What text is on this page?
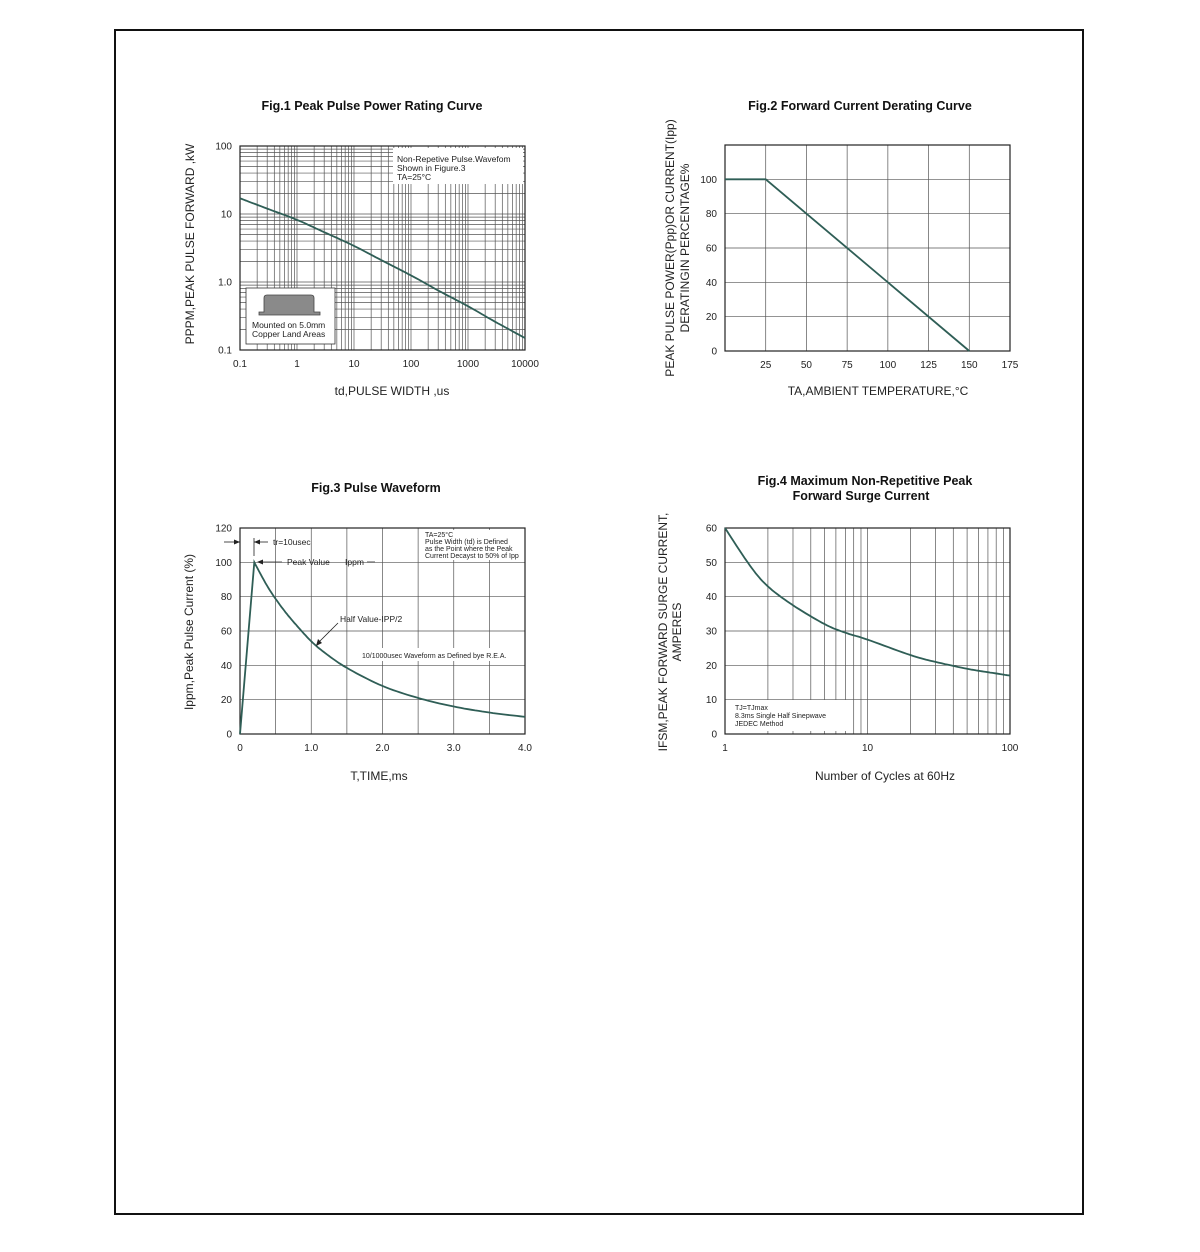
Fig.1 Peak Pulse Power Rating Curve
0.1	1	10	100	1000	10000
0.1
1.0
10
100
Non-Repetive Pulse.Wavefom
Shown in Figure.3
TA=25°C
Mounted on 5.0mm
Copper Land Areas
td,PULSE WIDTH ,us
PPPM,PEAK PULSE FORWARD ,kW
Fig.2 Forward Current Derating Curve
25	50	75	100 125 150 175
0
20
40
60
80
100
TA,AMBIENT TEMPERATURE,°C
PEAK PULSE POWER(Ppp)OR CURRENT(Ipp) DERATINGIN PERCENTAGE%
Fig.3 Pulse Waveform
0	1.0	2.0	3.0	4.0
0
20
40
60
80
100
120
tr=10usec
Peak Value Ippm
Half Value-IPP/2
10/1000usec Waveform as Defined bye R.E.A.
TA=25°C
Pulse Width (td) is Defined
as the Point where the Peak
Current Decayst to 50% of Ipp
T,TIME,ms
Ippm,Peak Pulse Current (%)
Fig.4 Maximum Non-Repetitive Peak
Forward Surge Current
1	10	100
0
10
20
30
40
50
60
TJ=TJmax
8.3ms Single Half Sinepwave
JEDEC Method
Number of Cycles at 60Hz
IFSM,PEAK FORWARD SURGE CURRENT, AMPERES
